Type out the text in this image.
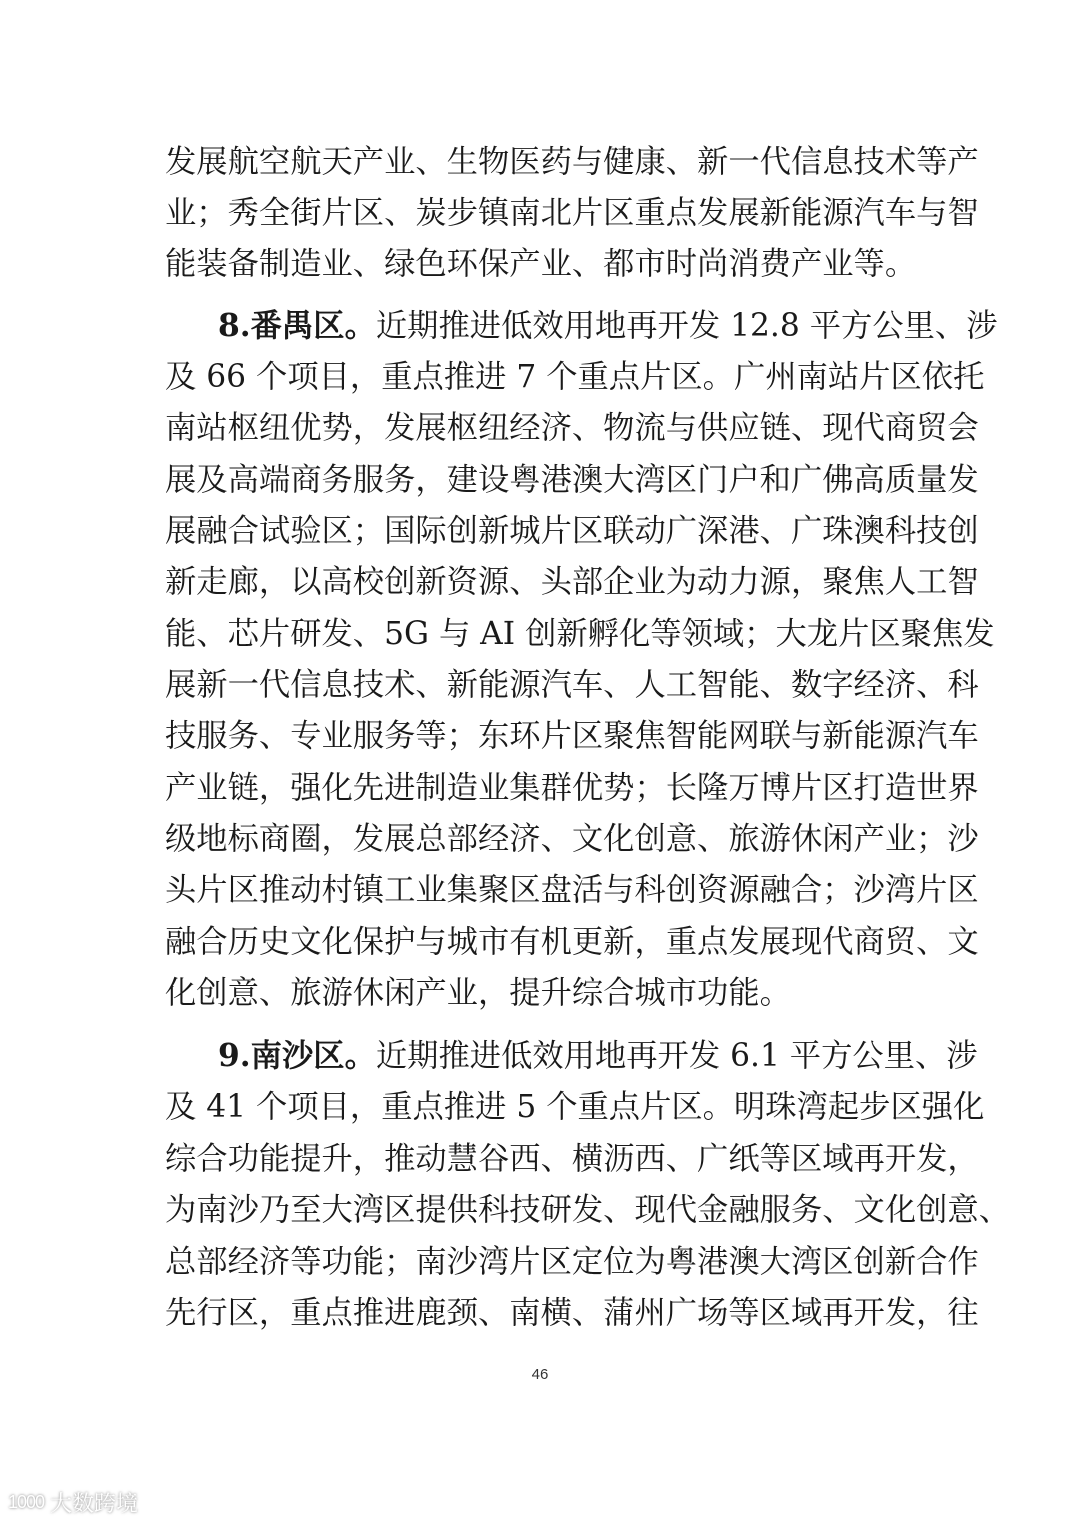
发展航空航天产业、生物医药与健康、新一代信息技术等产
业；秀全街片区、炭步镇南北片区重点发展新能源汽车与智
能装备制造业、绿色环保产业、都市时尚消费产业等。
8.番禺区。近期推进低效用地再开发 12.8 平方公里、涉
及 66 个项目，重点推进 7 个重点片区。广州南站片区依托
南站枢纽优势，发展枢纽经济、物流与供应链、现代商贸会
展及高端商务服务，建设粤港澳大湾区门户和广佛高质量发
展融合试验区；国际创新城片区联动广深港、广珠澳科技创
新走廊，以高校创新资源、头部企业为动力源，聚焦人工智
能、芯片研发、5G 与 AI 创新孵化等领域；大龙片区聚焦发
展新一代信息技术、新能源汽车、人工智能、数字经济、科
技服务、专业服务等；东环片区聚焦智能网联与新能源汽车
产业链，强化先进制造业集群优势；长隆万博片区打造世界
级地标商圈，发展总部经济、文化创意、旅游休闲产业；沙
头片区推动村镇工业集聚区盘活与科创资源融合；沙湾片区
融合历史文化保护与城市有机更新，重点发展现代商贸、文
化创意、旅游休闲产业，提升综合城市功能。
9.南沙区。近期推进低效用地再开发 6.1 平方公里、涉
及 41 个项目，重点推进 5 个重点片区。明珠湾起步区强化
综合功能提升，推动慧谷西、横沥西、广纸等区域再开发，
为南沙乃至大湾区提供科技研发、现代金融服务、文化创意、
总部经济等功能；南沙湾片区定位为粤港澳大湾区创新合作
先行区，重点推进鹿颈、南横、蒲州广场等区域再开发，往
46
1000 大数跨境
